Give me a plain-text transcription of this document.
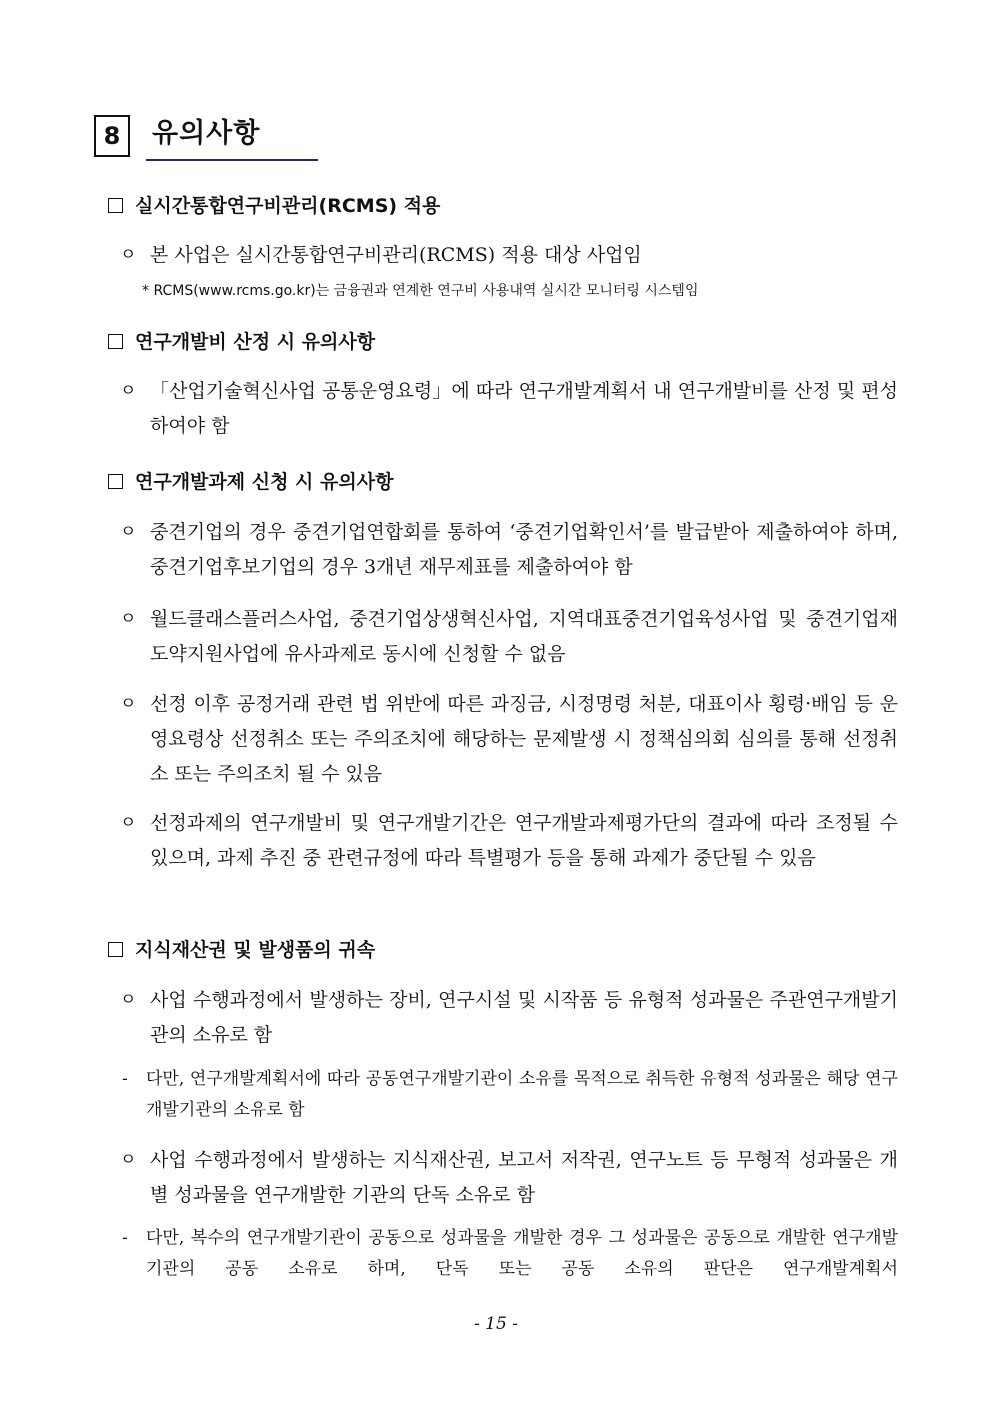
8	유의사항
실시간통합연구비관리(RCMS) 적용
ㅇ 본 사업은 실시간통합연구비관리(RCMS) 적용 대상 사업임
* RCMS(www.rcms.go.kr)는 금융권과 연계한 연구비 사용내역 실시간 모니터링 시스템임
연구개발비 산정 시 유의사항
ㅇ 「산업기술혁신사업 공통운영요령」에 따라 연구개발계획서 내 연구개발비를 산정 및 편성하여야 함
연구개발과제 신청 시 유의사항
ㅇ 중견기업의 경우 중견기업연합회를 통하여 ‘중견기업확인서’를 발급받아 제출하여야 하며, 중견기업후보기업의 경우 3개년 재무제표를 제출하여야 함
ㅇ 월드클래스플러스사업, 중견기업상생혁신사업, 지역대표중견기업육성사업 및 중견기업재도약지원사업에 유사과제로 동시에 신청할 수 없음
ㅇ 선정 이후 공정거래 관련 법 위반에 따른 과징금, 시정명령 처분, 대표이사 횡령·배임 등 운영요령상 선정취소 또는 주의조치에 해당하는 문제발생 시 정책심의회 심의를 통해 선정취소 또는 주의조치 될 수 있음
ㅇ 선정과제의 연구개발비 및 연구개발기간은 연구개발과제평가단의 결과에 따라 조정될 수 있으며, 과제 추진 중 관련규정에 따라 특별평가 등을 통해 과제가 중단될 수 있음
지식재산권 및 발생품의 귀속
ㅇ 사업 수행과정에서 발생하는 장비, 연구시설 및 시작품 등 유형적 성과물은 주관연구개발기관의 소유로 함
- 다만, 연구개발계획서에 따라 공동연구개발기관이 소유를 목적으로 취득한 유형적 성과물은 해당 연구개발기관의 소유로 함
ㅇ 사업 수행과정에서 발생하는 지식재산권, 보고서 저작권, 연구노트 등 무형적 성과물은 개별 성과물을 연구개발한 기관의 단독 소유로 함
- 다만, 복수의 연구개발기관이 공동으로 성과물을 개발한 경우 그 성과물은 공동으로 개발한 연구개발기관의 공동 소유로 하며, 단독 또는 공동 소유의 판단은 연구개발계획서
- 15 -
